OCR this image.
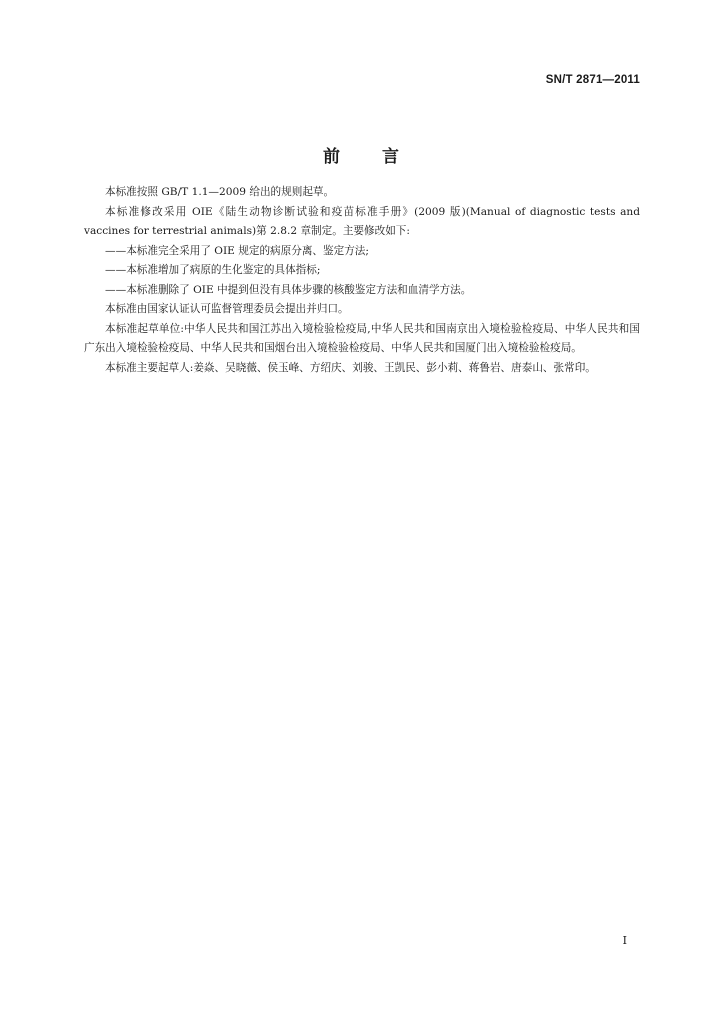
SN/T 2871—2011
前 言

本标准按照 GB/T 1.1—2009 给出的规则起草。

本标准修改采用 OIE《陆生动物诊断试验和疫苗标准手册》(2009 版)(Manual of diagnostic tests and vaccines for terrestrial animals)第 2.8.2 章制定。主要修改如下:

——本标准完全采用了 OIE 规定的病原分离、鉴定方法;

——本标准增加了病原的生化鉴定的具体指标;

——本标准删除了 OIE 中提到但没有具体步骤的核酸鉴定方法和血清学方法。

本标准由国家认证认可监督管理委员会提出并归口。

本标准起草单位:中华人民共和国江苏出入境检验检疫局,中华人民共和国南京出入境检验检疫局、中华人民共和国广东出入境检验检疫局、中华人民共和国烟台出入境检验检疫局、中华人民共和国厦门出入境检验检疫局。

本标准主要起草人:姜焱、吴晓薇、侯玉峰、方绍庆、刘骏、王凯民、彭小莉、蒋鲁岩、唐泰山、张常印。

I
